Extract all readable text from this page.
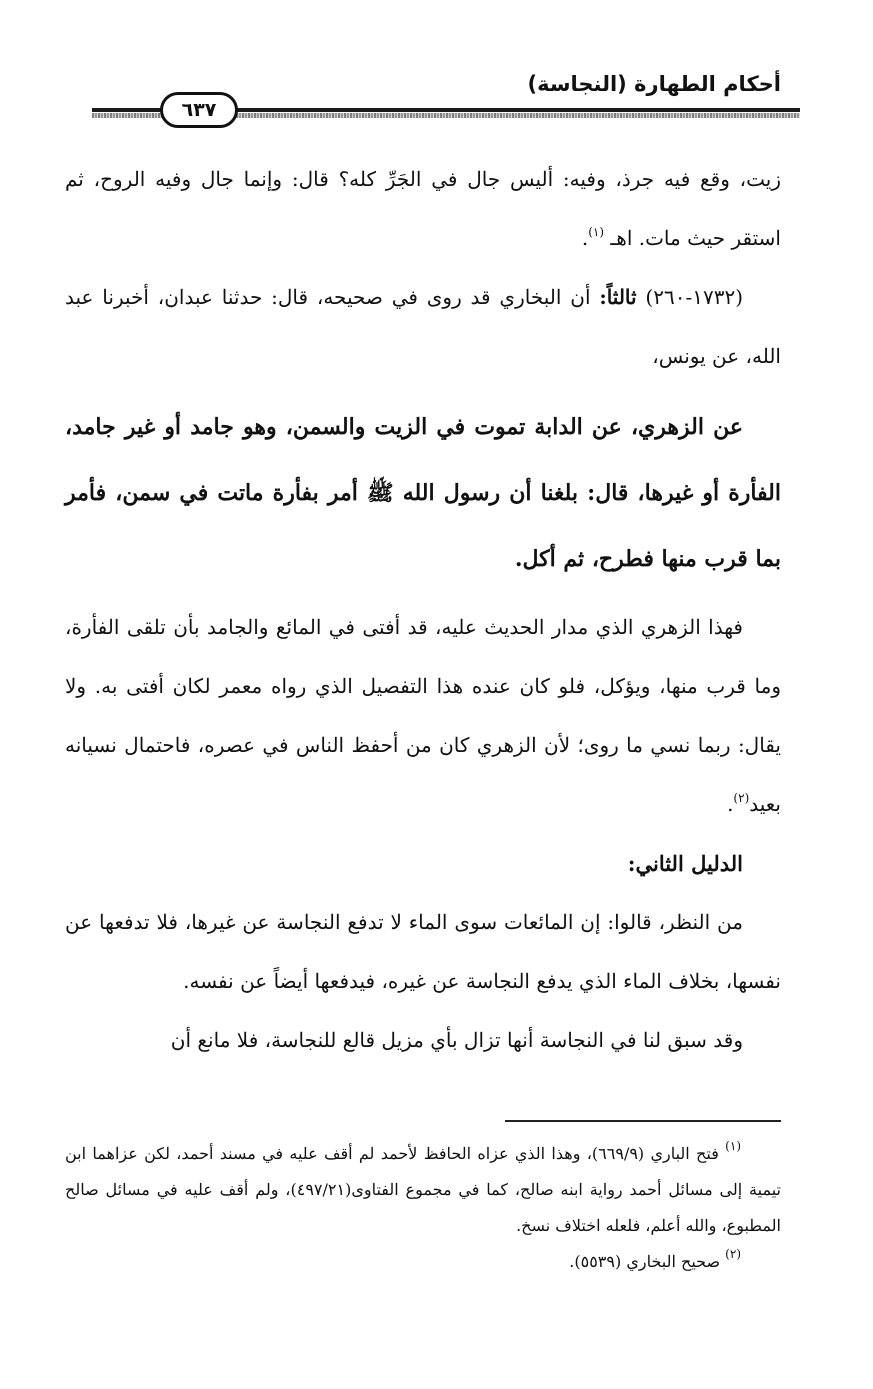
أحكام الطهارة (النجاسة)
٦٣٧

زيت، وقع فيه جرذ، وفيه: أليس جال في الجَرِّ كله؟ قال: وإنما جال وفيه الروح، ثم استقر حيث مات. اهـ $^{(١)}$.

(١٧٣٢-٢٦٠) ثالثاً: أن البخاري قد روى في صحيحه، قال: حدثنا عبدان، أخبرنا عبد الله، عن يونس،

عن الزهري، عن الدابة تموت في الزيت والسمن، وهو جامد أو غير جامد، الفأرة أو غيرها، قال: بلغنا أن رسول الله ﷺ أمر بفأرة ماتت في سمن، فأمر بما قرب منها فطرح، ثم أكل.

فهذا الزهري الذي مدار الحديث عليه، قد أفتى في المائع والجامد بأن تلقى الفأرة، وما قرب منها، ويؤكل، فلو كان عنده هذا التفصيل الذي رواه معمر لكان أفتى به. ولا يقال: ربما نسي ما روى؛ لأن الزهري كان من أحفظ الناس في عصره، فاحتمال نسيانه بعيد$^{(٢)}$.

الدليل الثاني:

من النظر، قالوا: إن المائعات سوى الماء لا تدفع النجاسة عن غيرها، فلا تدفعها عن نفسها، بخلاف الماء الذي يدفع النجاسة عن غيره، فيدفعها أيضاً عن نفسه.

وقد سبق لنا في النجاسة أنها تزال بأي مزيل قالع للنجاسة، فلا مانع أن

$^{(١)}$ فتح الباري (٦٦٩/٩)، وهذا الذي عزاه الحافظ لأحمد لم أقف عليه في مسند أحمد، لكن عزاهما ابن تيمية إلى مسائل أحمد رواية ابنه صالح، كما في مجموع الفتاوى(٤٩٧/٢١)، ولم أقف عليه في مسائل صالح المطبوع، والله أعلم، فلعله اختلاف نسخ.

$^{(٢)}$ صحيح البخاري (٥٥٣٩).
